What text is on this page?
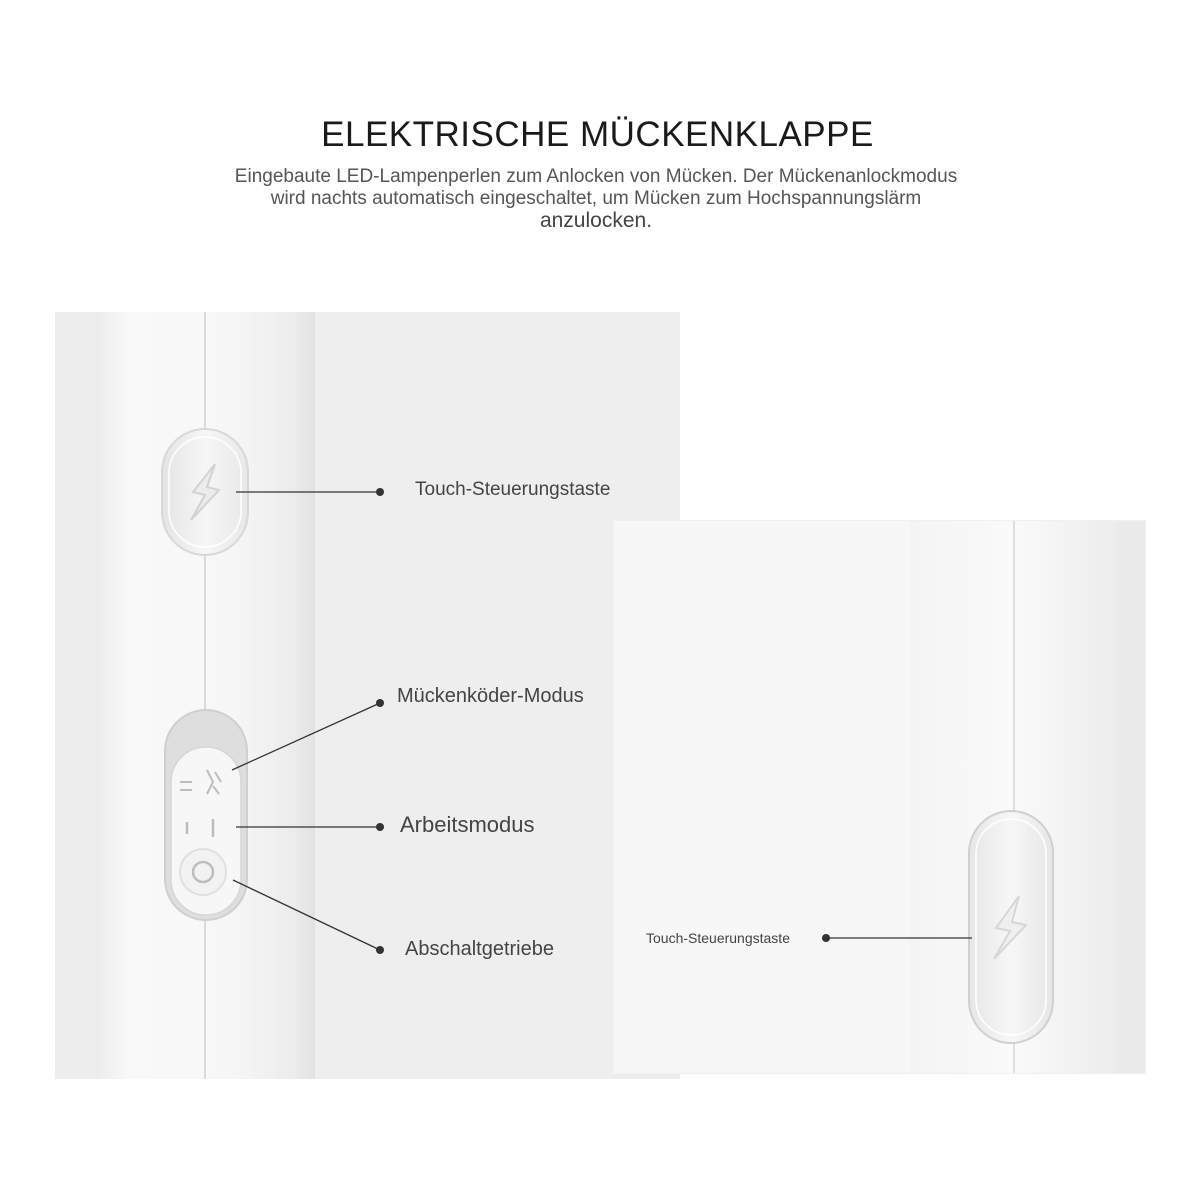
ELEKTRISCHE MÜCKENKLAPPE
Eingebaute LED-Lampenperlen zum Anlocken von Mücken. Der Mückenanlockmodus
wird nachts automatisch eingeschaltet, um Mücken zum Hochspannungslärm
anzulocken.
Touch-Steuerungstaste
Mückenköder-Modus
Arbeitsmodus
Abschaltgetriebe	Touch-Steuerungstaste
